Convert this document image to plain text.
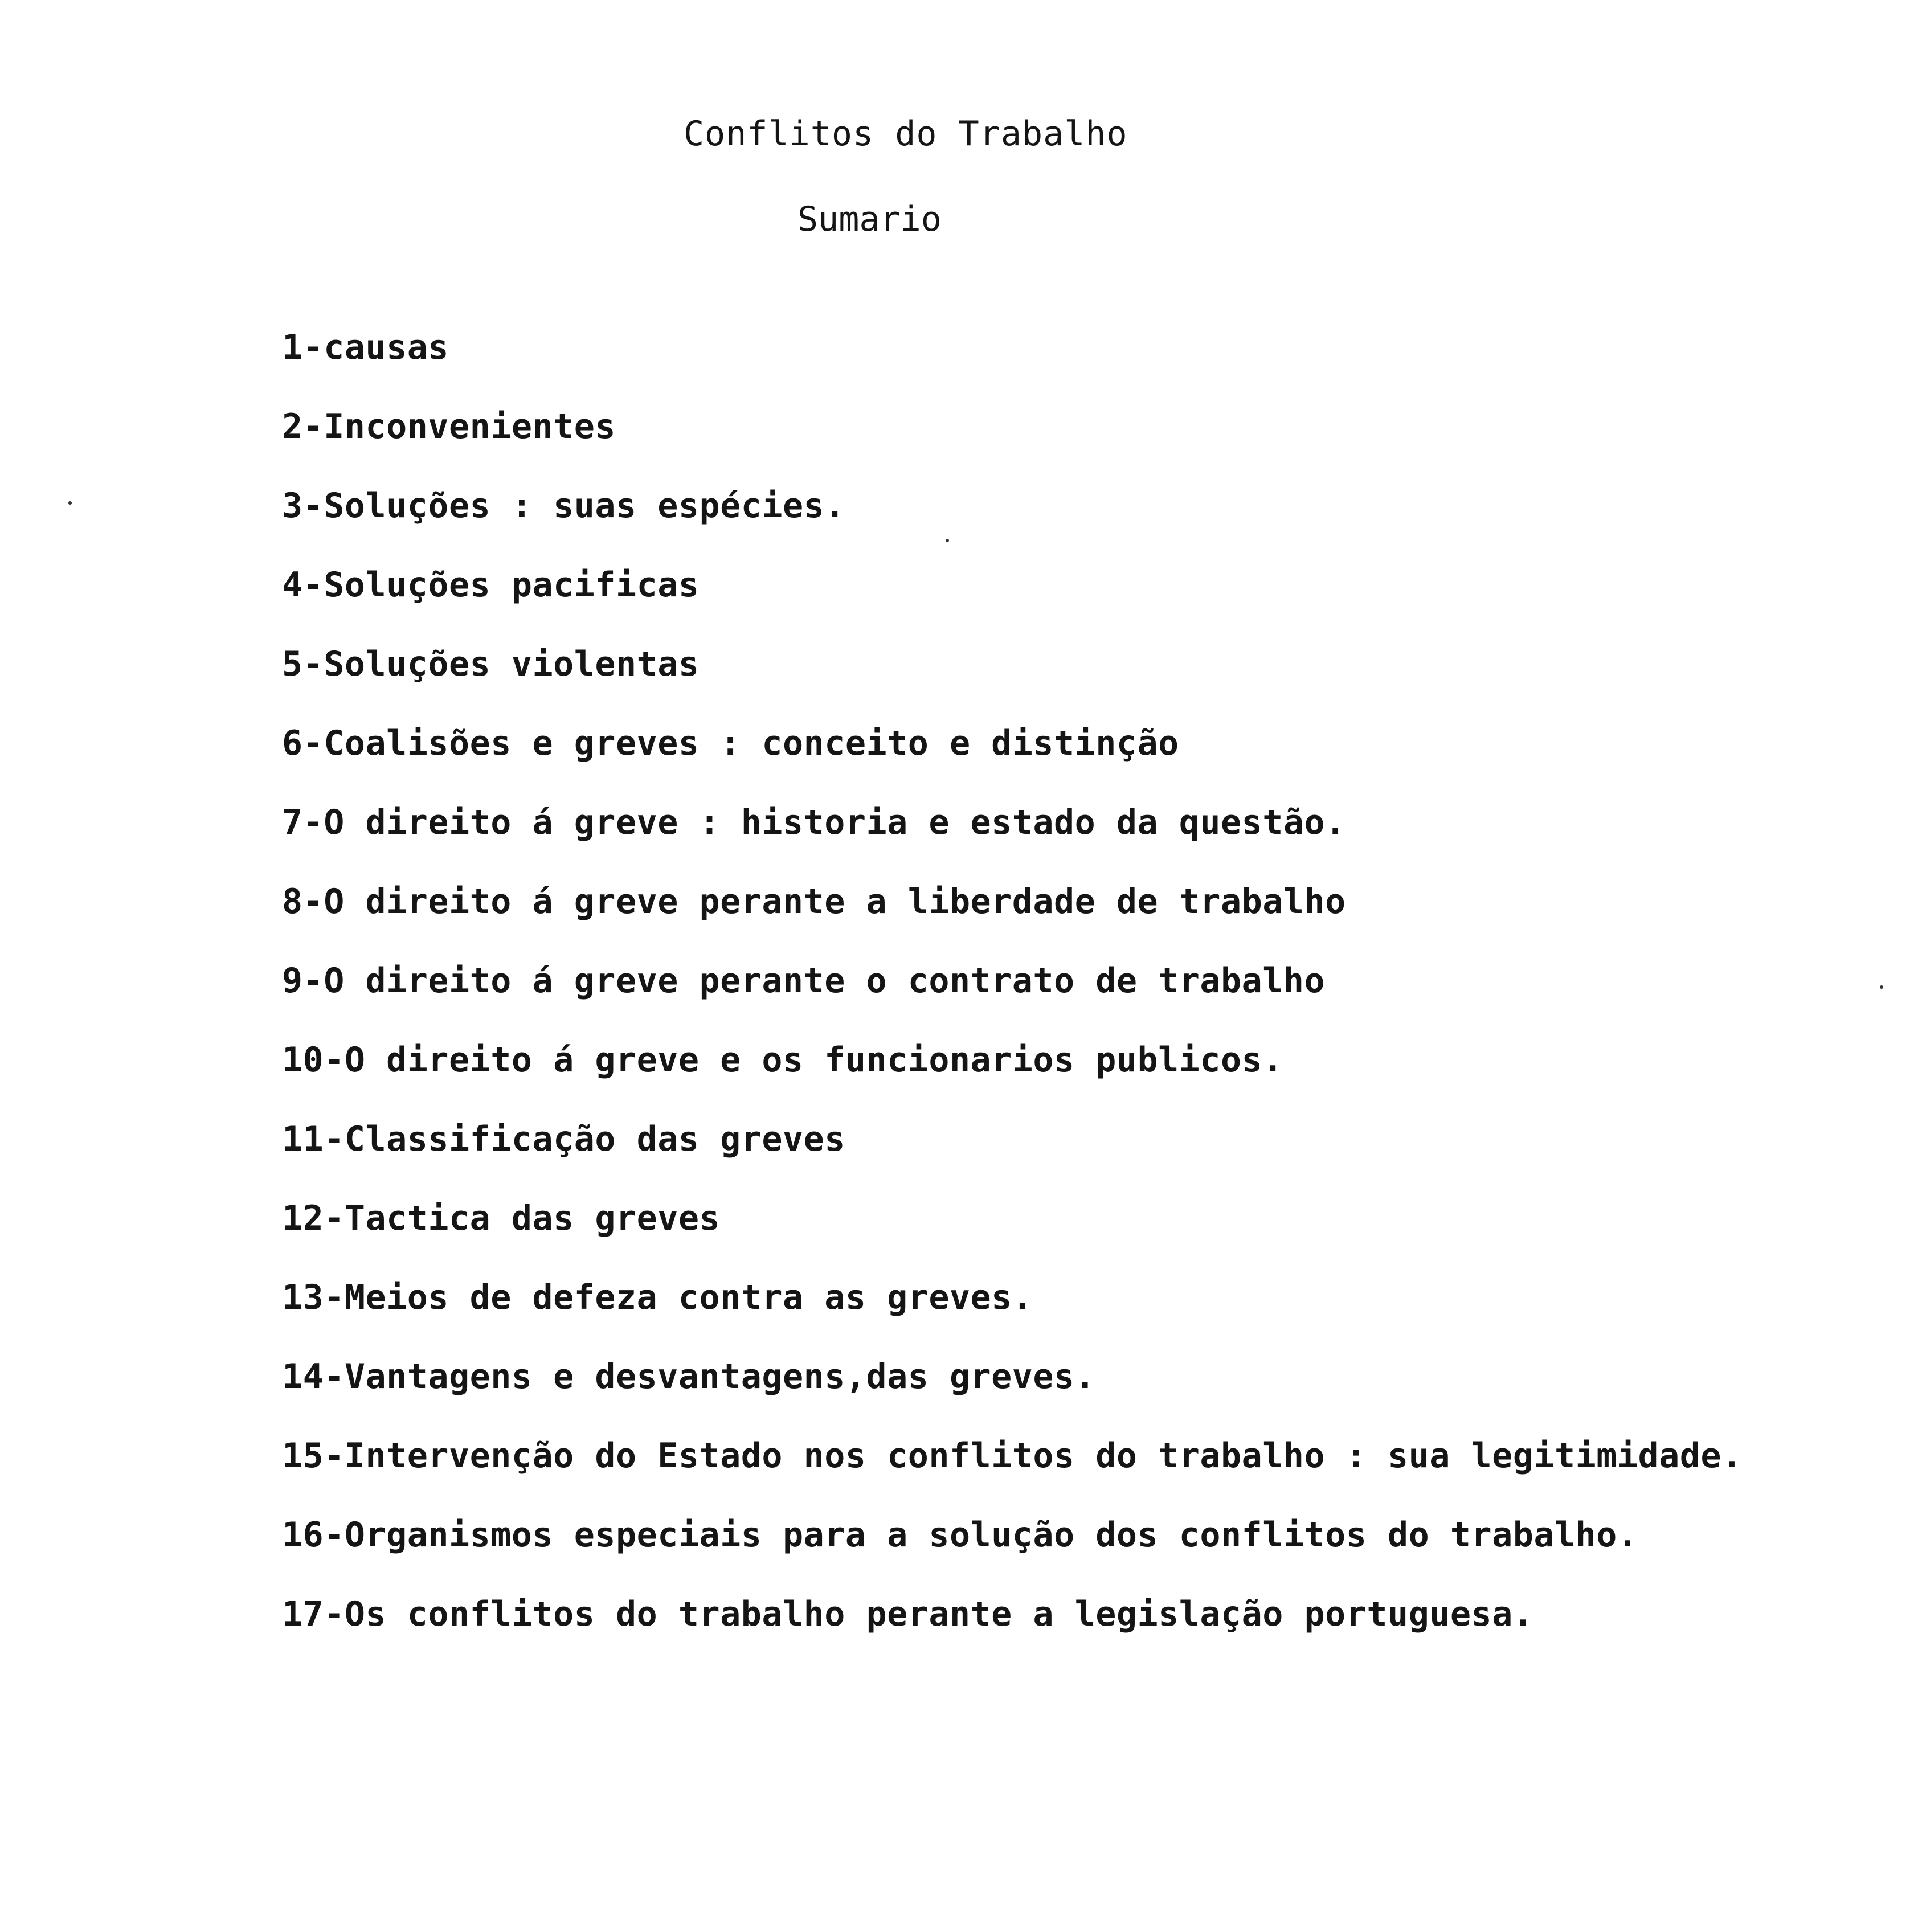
Conflitos do Trabalho
Sumario
1-causas
2-Inconvenientes
3-Soluções : suas espécies.
4-Soluções pacificas
5-Soluções violentas
6-Coalisões e greves : conceito e distinção
7-O direito á greve : historia e estado da questão.
8-O direito á greve perante a liberdade de trabalho
9-O direito á greve perante o contrato de trabalho
10-O direito á greve e os funcionarios publicos.
11-Classificação das greves
12-Tactica das greves
13-Meios de defeza contra as greves.
14-Vantagens e desvantagens,das greves.
15-Intervenção do Estado nos conflitos do trabalho : sua legitimidade.
16-Organismos especiais para a solução dos conflitos do trabalho.
17-Os conflitos do trabalho perante a legislação portuguesa.
